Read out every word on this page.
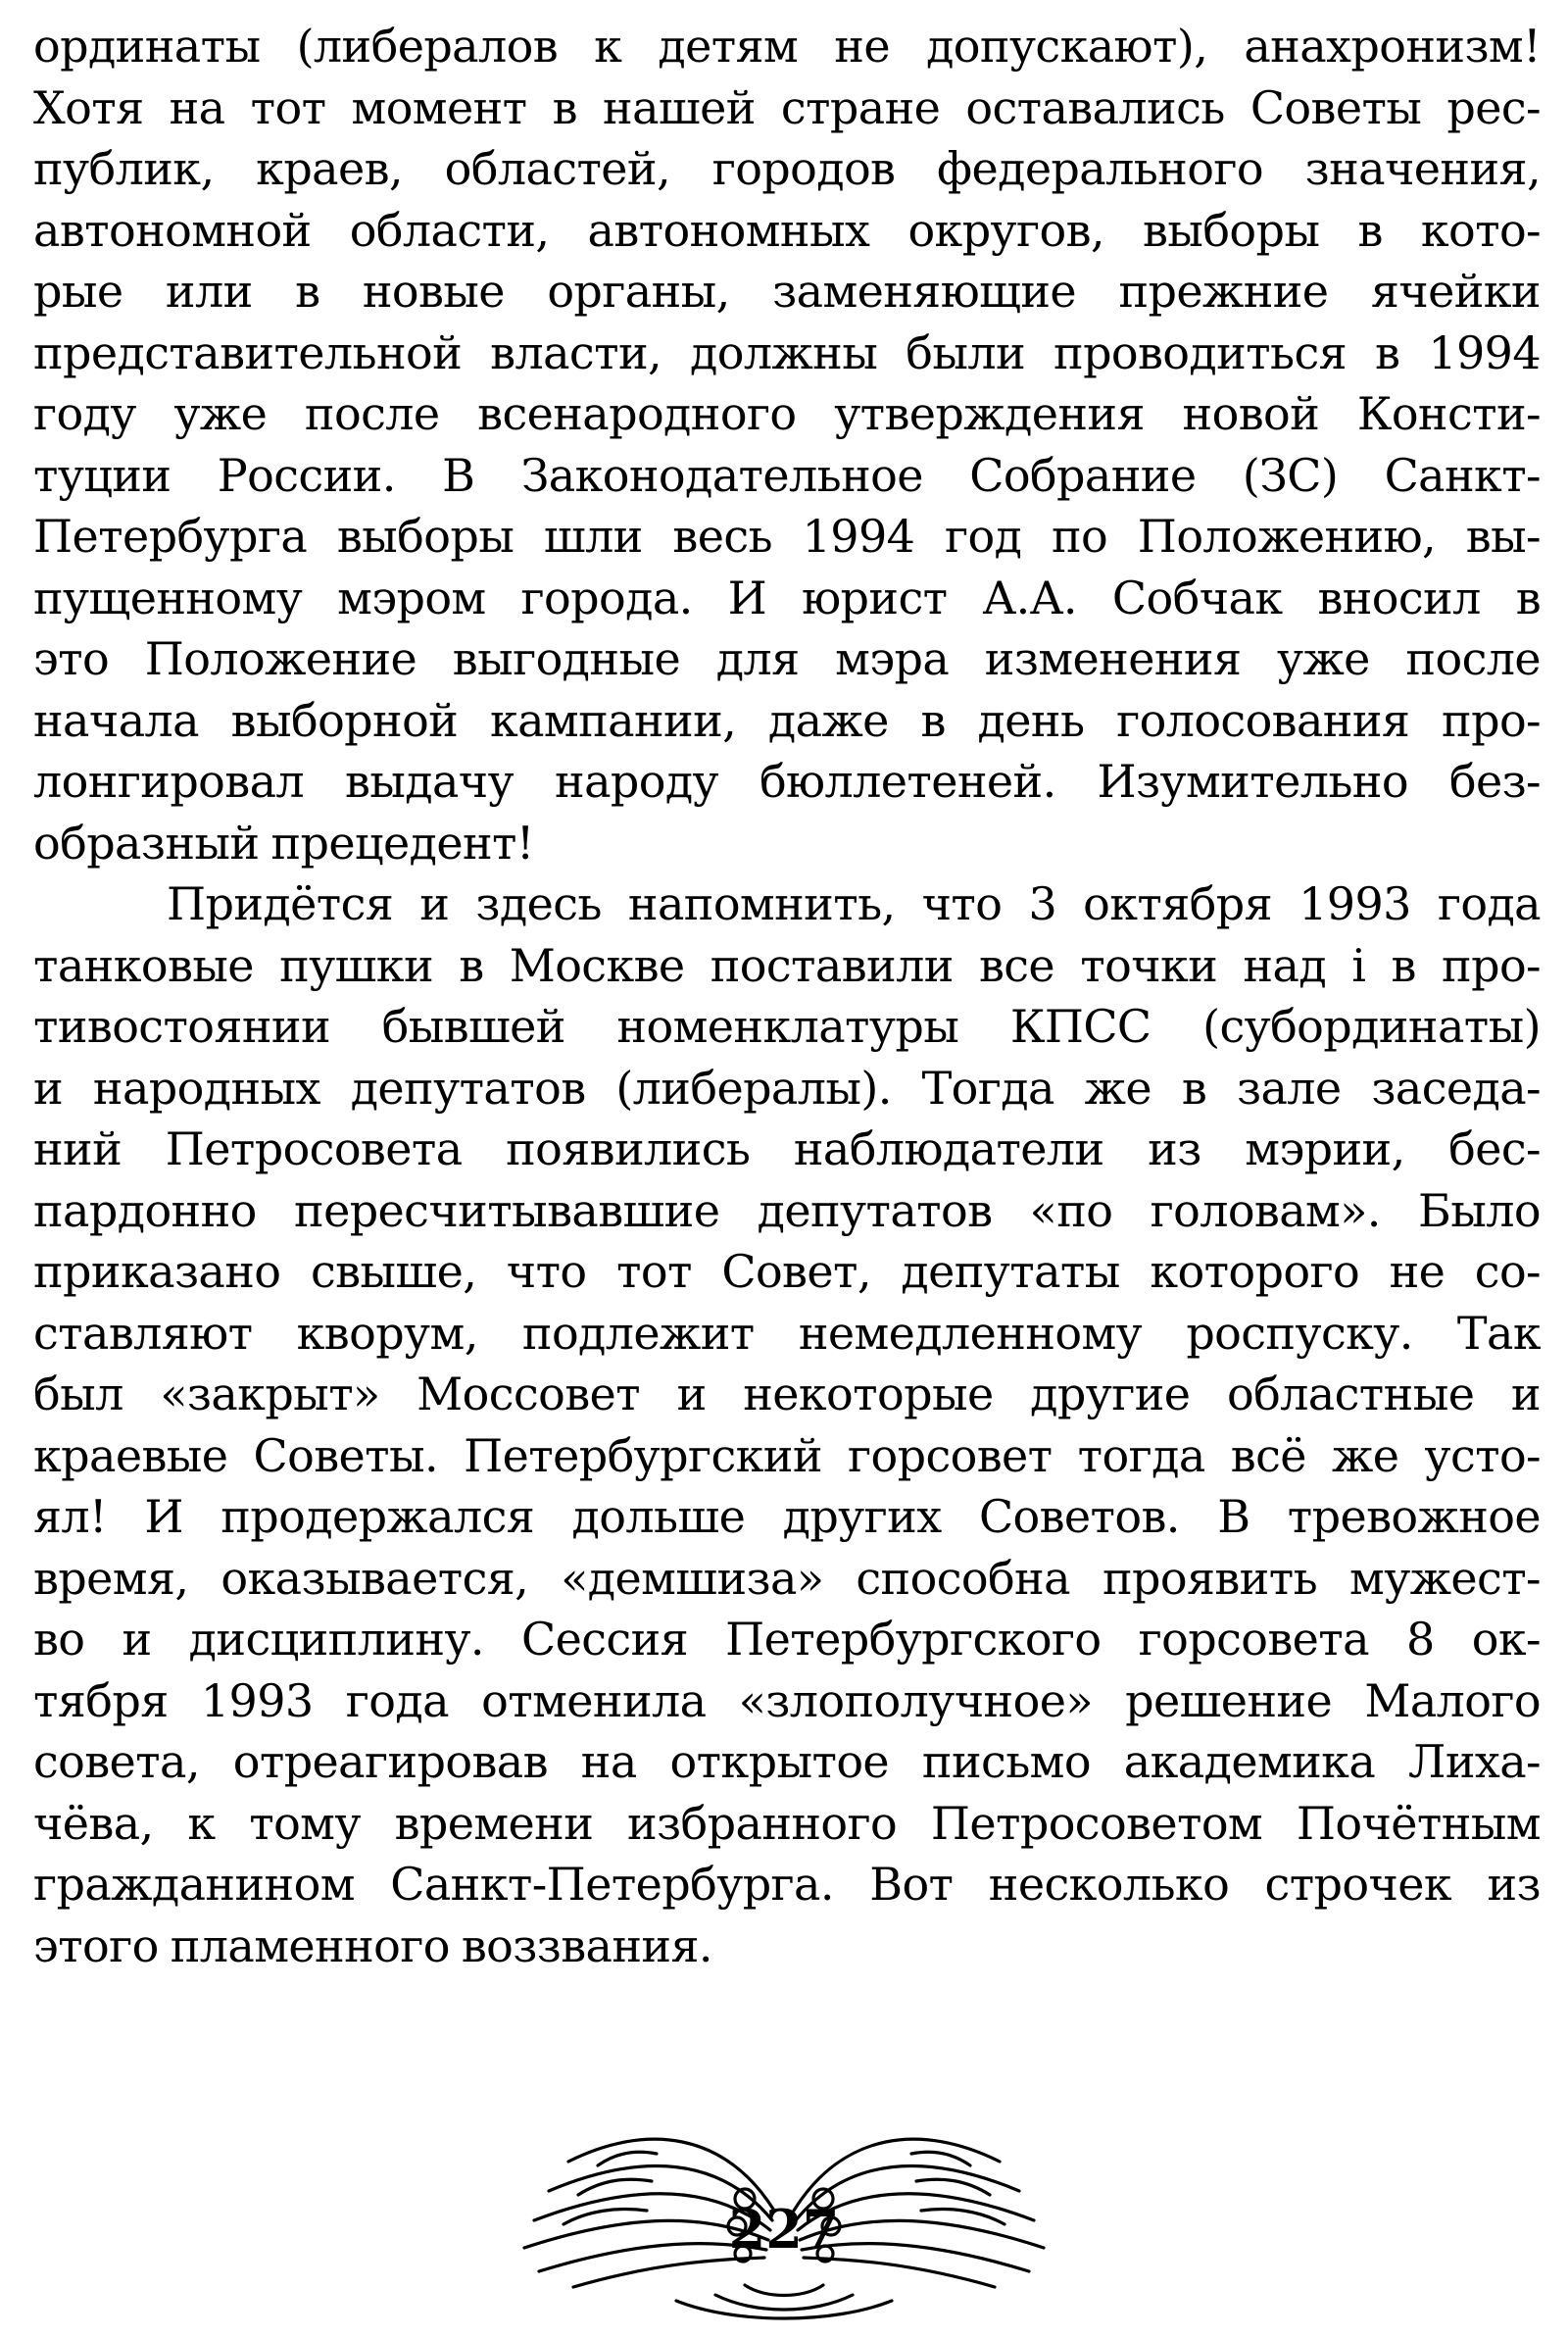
ординаты (либералов к детям не допускают), анахронизм!
Хотя на тот момент в нашей стране оставались Советы рес-
публик, краев, областей, городов федерального значения,
автономной области, автономных округов, выборы в кото-
рые или в новые органы, заменяющие прежние ячейки
представительной власти, должны были проводиться в 1994
году уже после всенародного утверждения новой Консти-
туции России. В Законодательное Собрание (ЗС) Санкт-
Петербурга выборы шли весь 1994 год по Положению, вы-
пущенному мэром города. И юрист А.А. Собчак вносил в
это Положение выгодные для мэра изменения уже после
начала выборной кампании, даже в день голосования про-
лонгировал выдачу народу бюллетеней. Изумительно без-
образный прецедент!
Придётся и здесь напомнить, что 3 октября 1993 года
танковые пушки в Москве поставили все точки над і в про-
тивостоянии бывшей номенклатуры КПСС (субординаты)
и народных депутатов (либералы). Тогда же в зале заседа-
ний Петросовета появились наблюдатели из мэрии, бес-
пардонно пересчитывавшие депутатов «по головам». Было
приказано свыше, что тот Совет, депутаты которого не со-
ставляют кворум, подлежит немедленному роспуску. Так
был «закрыт» Моссовет и некоторые другие областные и
краевые Советы. Петербургский горсовет тогда всё же усто-
ял! И продержался дольше других Советов. В тревожное
время, оказывается, «демшиза» способна проявить мужест-
во и дисциплину. Сессия Петербургского горсовета 8 ок-
тября 1993 года отменила «злополучное» решение Малого
совета, отреагировав на открытое письмо академика Лиха-
чёва, к тому времени избранного Петросоветом Почётным
гражданином Санкт-Петербурга. Вот несколько строчек из
этого пламенного воззвания.
227
